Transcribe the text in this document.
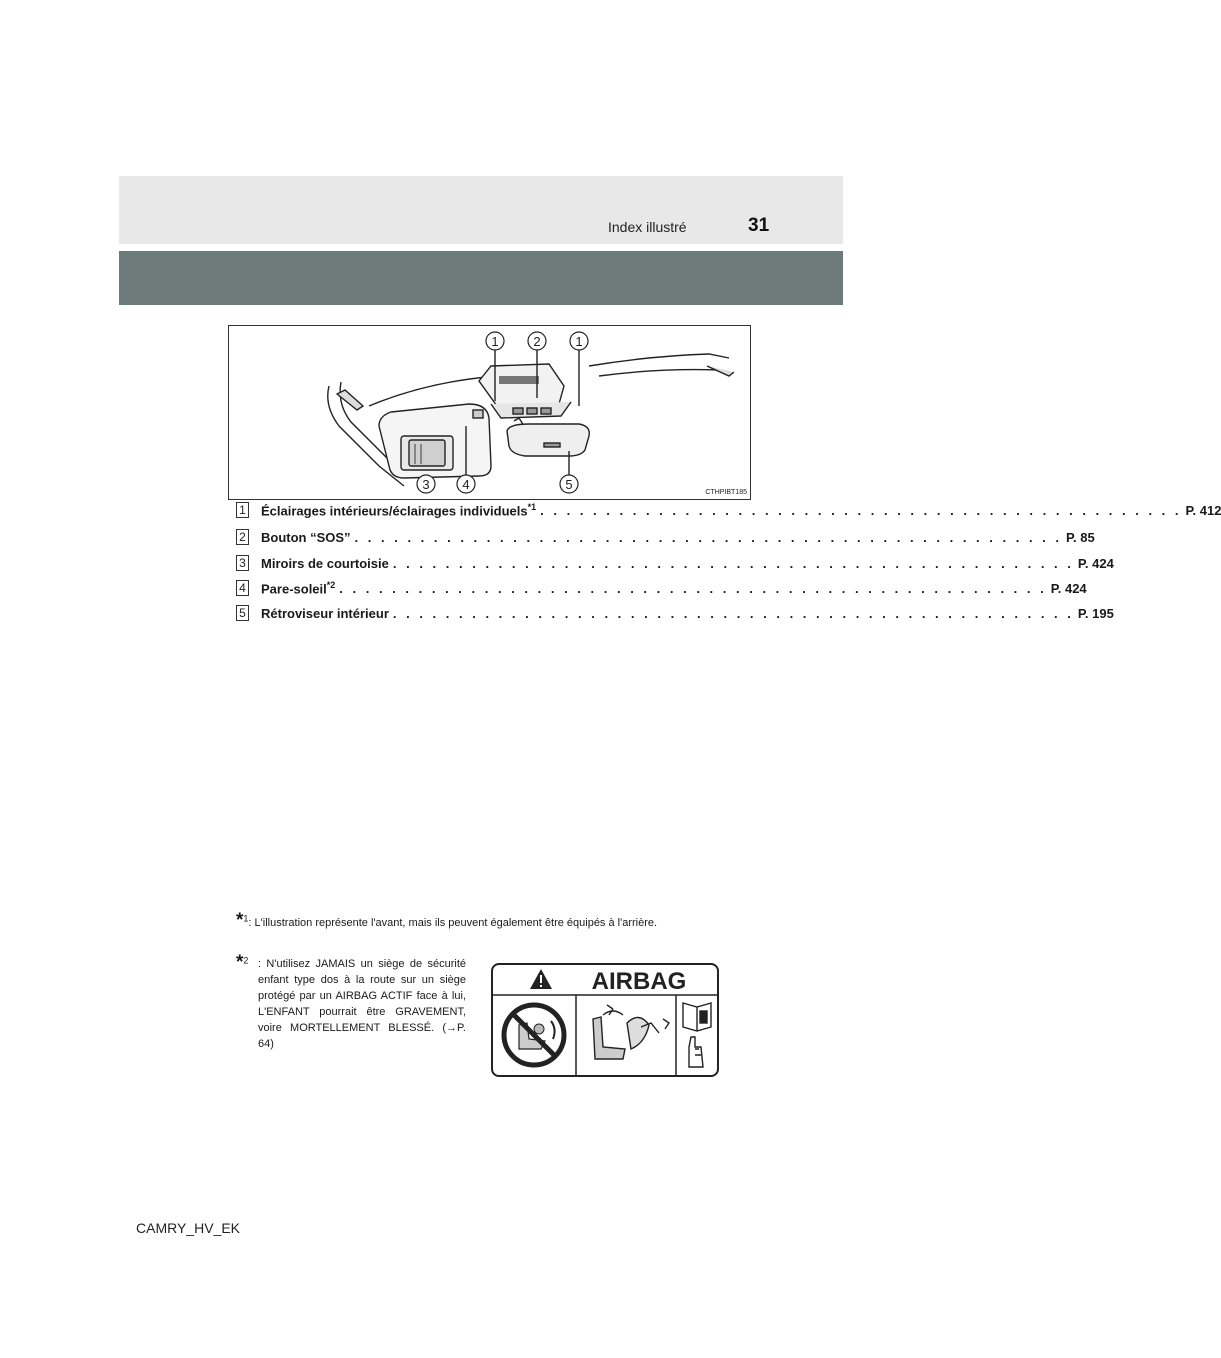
Index illustré	31
1	2	1
3	4	5
CTHPIBT185
1 Éclairages intérieurs/éclairages individuels$^{*1}$ . . . . . . . . . . . . . . . . . . . . . . . . . . . . . . . . . . . . . . . . . . . . . . . . . P. 412
2 Bouton “SOS” . . . . . . . . . . . . . . . . . . . . . . . . . . . . . . . . . . . . . . . . . . . . . . . . . . . . . . P. 85
3 Miroirs de courtoisie . . . . . . . . . . . . . . . . . . . . . . . . . . . . . . . . . . . . . . . . . . . . . . . . . . . . P. 424
4 Pare-soleil$^{*2}$ . . . . . . . . . . . . . . . . . . . . . . . . . . . . . . . . . . . . . . . . . . . . . . . . . . . . . . P. 424
5 Rétroviseur intérieur . . . . . . . . . . . . . . . . . . . . . . . . . . . . . . . . . . . . . . . . . . . . . . . . . . . . P. 195
*$^1$: L'illustration représente l'avant, mais ils peuvent également être équipés à l'arrière.
*$^2$ : N'utilisez JAMAIS un siège de sécurité enfant type dos à la route sur un siège protégé par un AIRBAG ACTIF face à lui, L'ENFANT pourrait être GRAVEMENT, voire MORTELLEMENT BLESSÉ. (→P. 64)
AIRBAG
CAMRY_HV_EK
